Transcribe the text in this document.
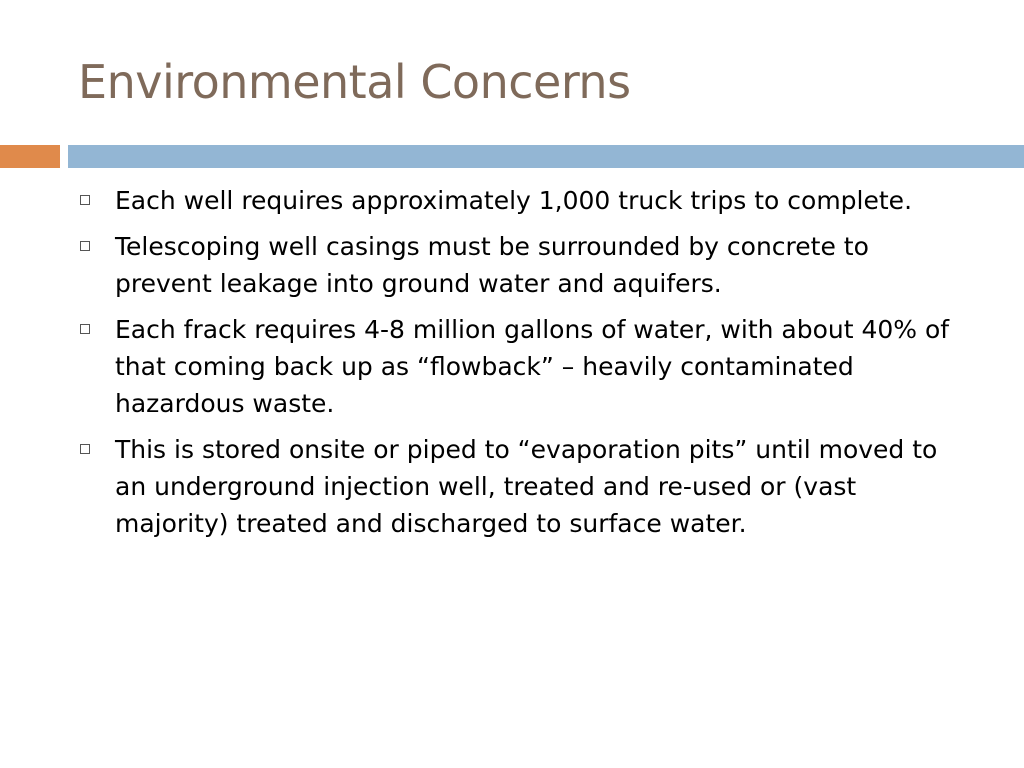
Environmental Concerns
Each well requires approximately 1,000 truck trips to complete.
Telescoping well casings must be surrounded by concrete to prevent leakage into ground water and aquifers.
Each frack requires 4-8 million gallons of water, with about 40% of that coming back up as “flowback” – heavily contaminated hazardous waste.
This is stored onsite or piped to “evaporation pits” until moved to an underground injection well, treated and re-used or (vast majority) treated and discharged to surface water.
